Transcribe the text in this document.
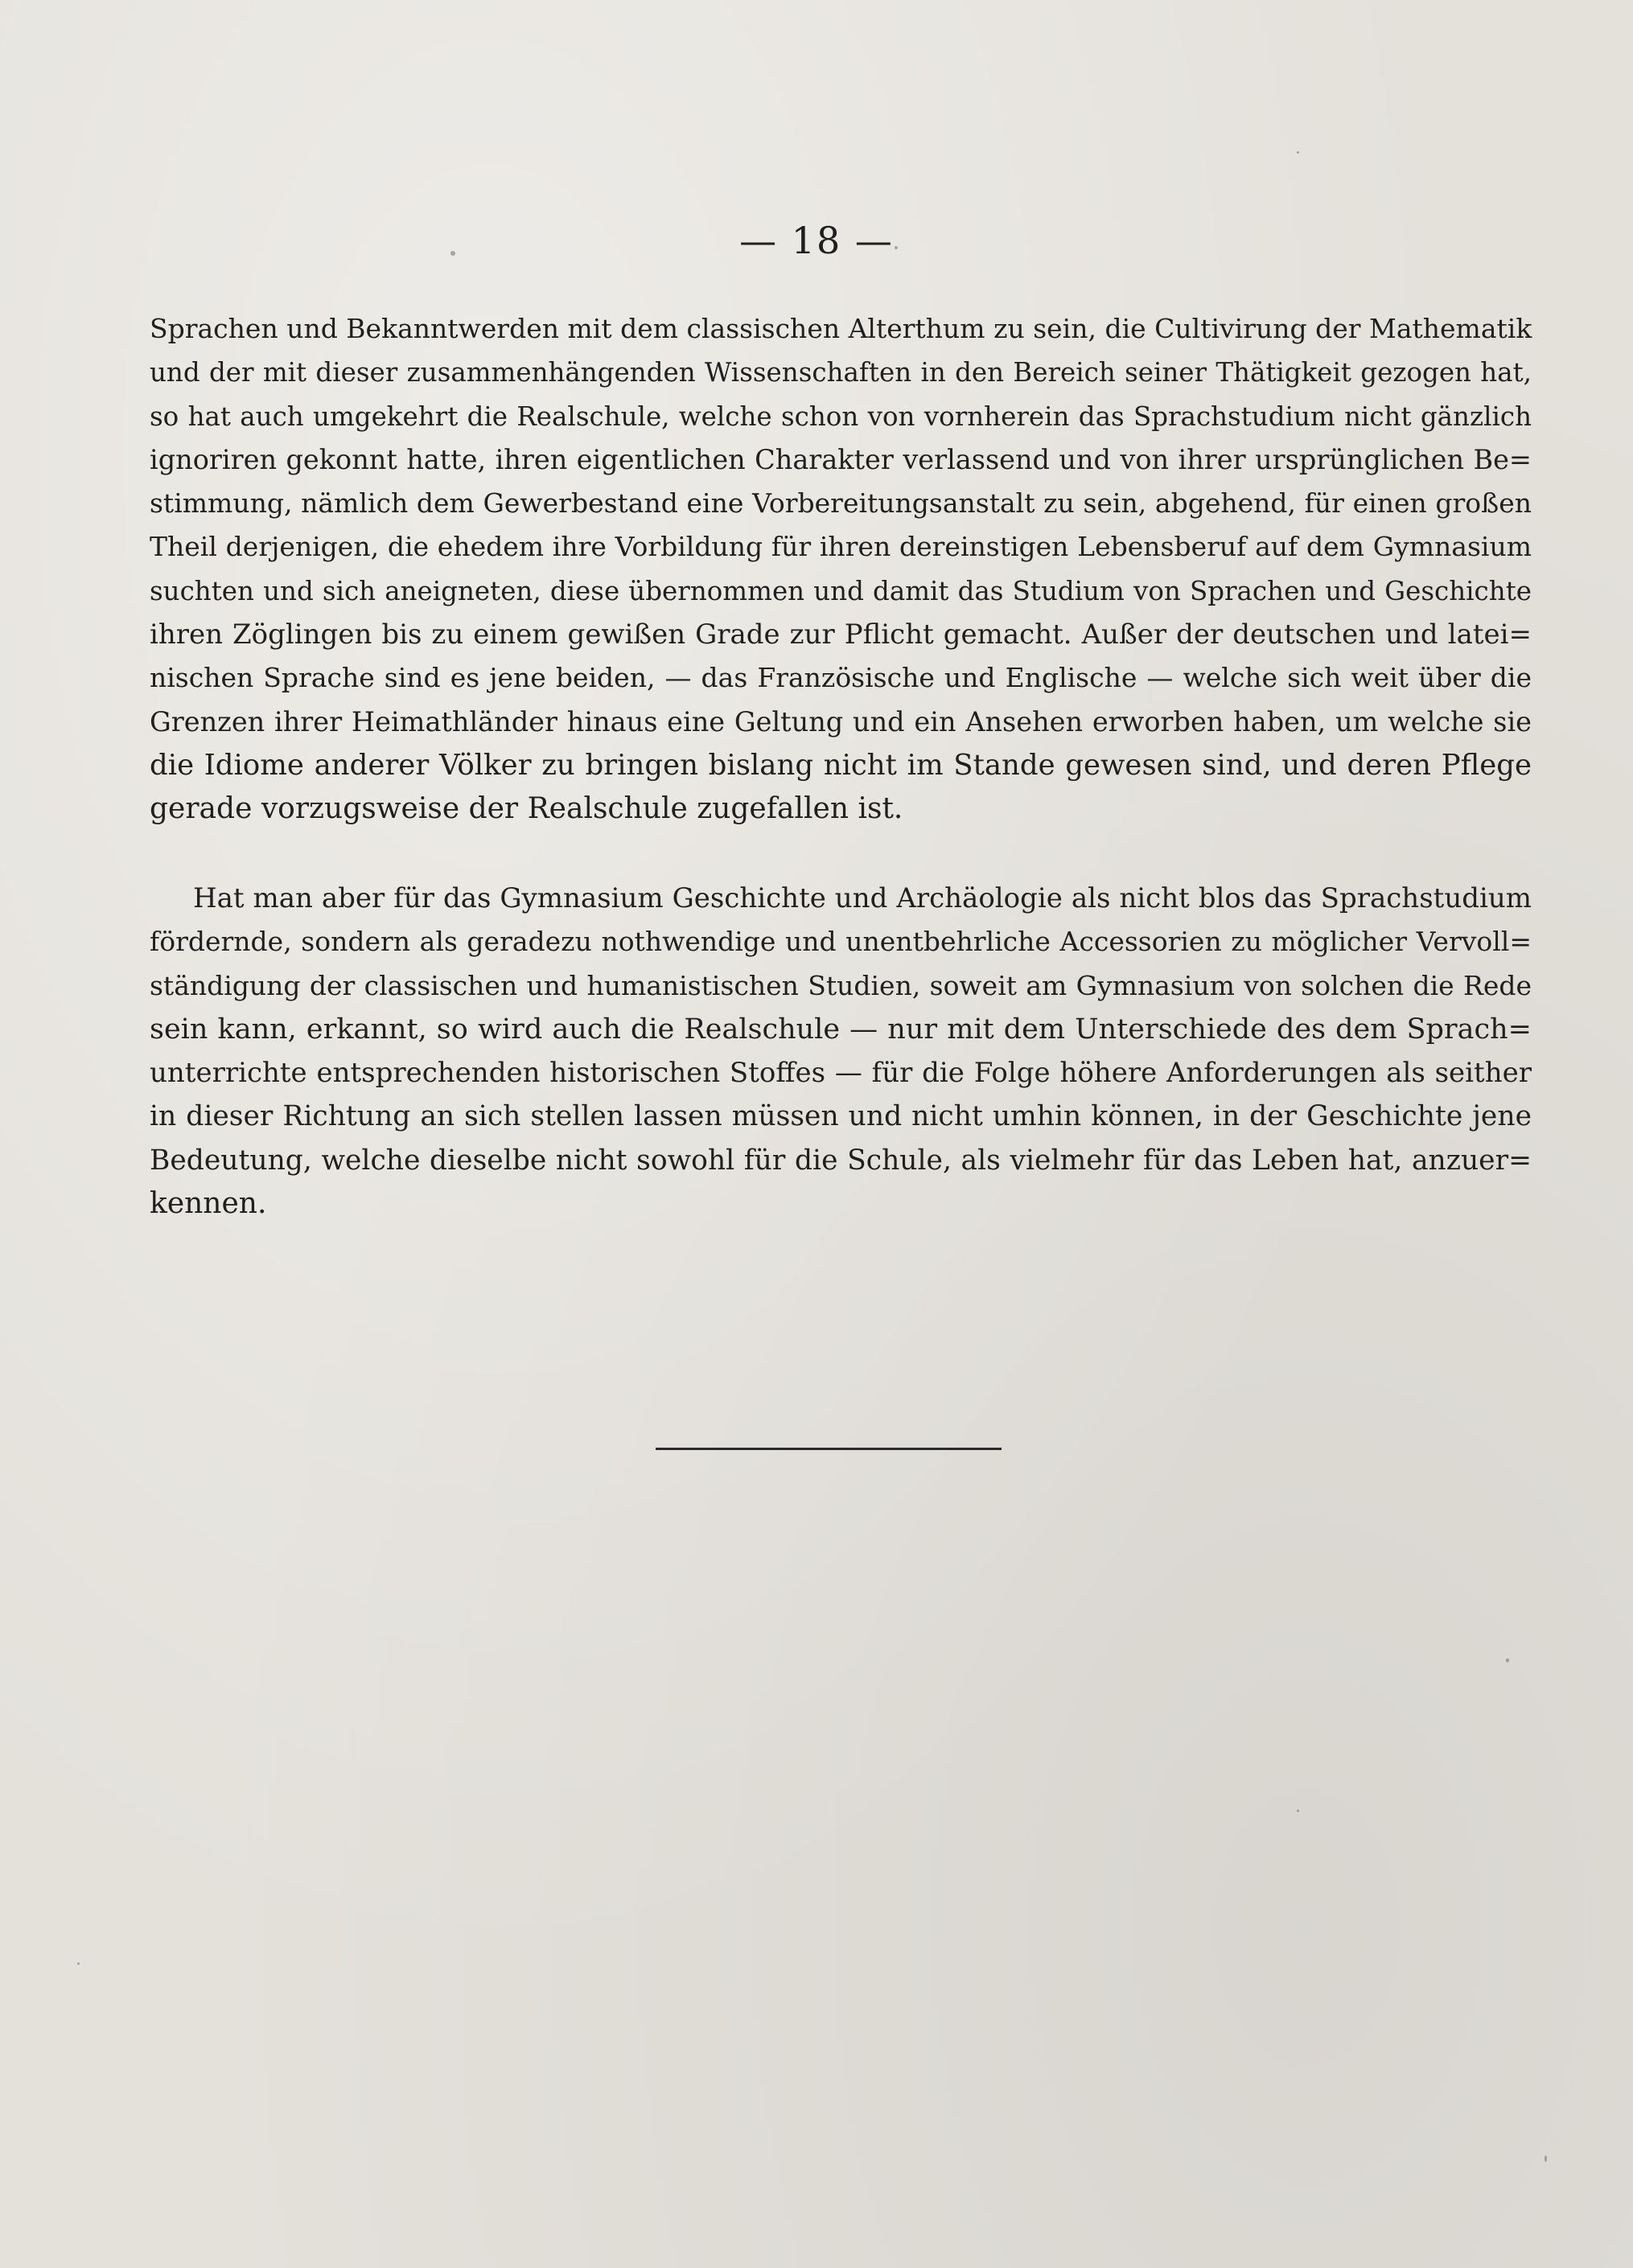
— 18 —
Sprachen und Bekanntwerden mit dem classischen Alterthum zu sein, die Cultivirung der Mathematik
und der mit dieser zusammenhängenden Wissenschaften in den Bereich seiner Thätigkeit gezogen hat,
so hat auch umgekehrt die Realschule, welche schon von vornherein das Sprachstudium nicht gänzlich
ignoriren gekonnt hatte, ihren eigentlichen Charakter verlassend und von ihrer ursprünglichen Be=
stimmung, nämlich dem Gewerbestand eine Vorbereitungsanstalt zu sein, abgehend, für einen großen
Theil derjenigen, die ehedem ihre Vorbildung für ihren dereinstigen Lebensberuf auf dem Gymnasium
suchten und sich aneigneten, diese übernommen und damit das Studium von Sprachen und Geschichte
ihren Zöglingen bis zu einem gewißen Grade zur Pflicht gemacht. Außer der deutschen und latei=
nischen Sprache sind es jene beiden, — das Französische und Englische — welche sich weit über die
Grenzen ihrer Heimathländer hinaus eine Geltung und ein Ansehen erworben haben, um welche sie
die Idiome anderer Völker zu bringen bislang nicht im Stande gewesen sind, und deren Pflege
gerade vorzugsweise der Realschule zugefallen ist.
Hat man aber für das Gymnasium Geschichte und Archäologie als nicht blos das Sprachstudium
fördernde, sondern als geradezu nothwendige und unentbehrliche Accessorien zu möglicher Vervoll=
ständigung der classischen und humanistischen Studien, soweit am Gymnasium von solchen die Rede
sein kann, erkannt, so wird auch die Realschule — nur mit dem Unterschiede des dem Sprach=
unterrichte entsprechenden historischen Stoffes — für die Folge höhere Anforderungen als seither
in dieser Richtung an sich stellen lassen müssen und nicht umhin können, in der Geschichte jene
Bedeutung, welche dieselbe nicht sowohl für die Schule, als vielmehr für das Leben hat, anzuer=
kennen.
